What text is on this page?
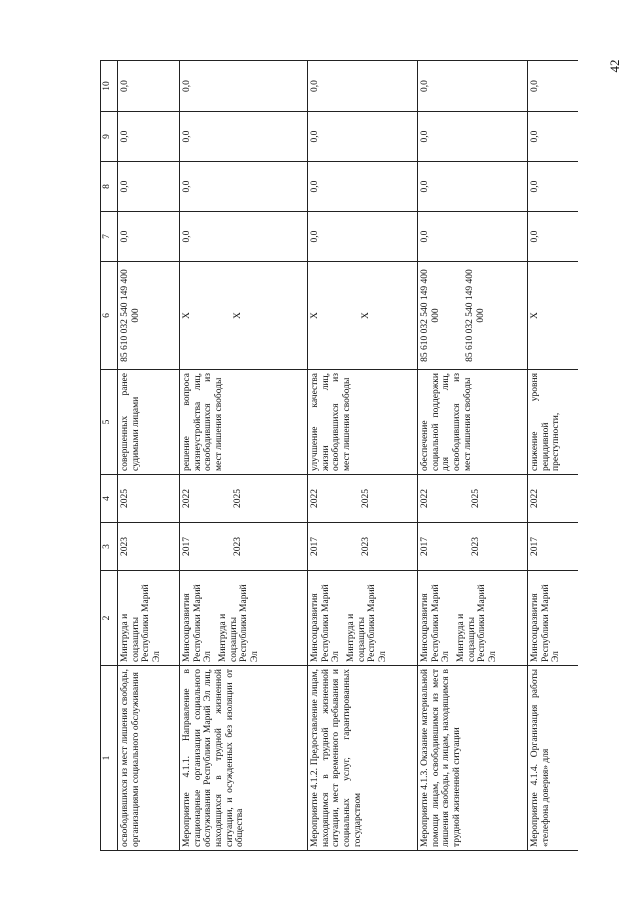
42
1	2	3	4	5	6	7	8	9	10
освободившихся из мест лишения свободы, организациями социального обслуживания	Минтруда и соцзащиты Республики Марий Эл	2023	2025	совершенных ранее судимыми лицами	85 610 032 540 149 400 000	0,0	0,0	0,0	0,0
Мероприятие 4.1.1. Направление в стационарные организации социального обслуживания Республики Марий Эл лиц, находящихся в трудной жизненной ситуации, и осужденных без изоляции от общества	Минсоцразвития Республики Марий Эл Минтруда и соцзащиты Республики Марий Эл	2017 2023	2022 2025	решение вопроса жизнеустройства лиц, освободившихся из мест лишения свободы	X X	0,0	0,0	0,0	0,0
Мероприятие 4.1.2. Предоставление лицам, находящимся в трудной жизненной ситуации, мест временного пребывания и социальных услуг, гарантированных государством	Минсоцразвития Республики Марий Эл Минтруда и соцзащиты Республики Марий Эл	2017 2023	2022 2025	улучшение качества жизни лиц, освободившихся из мест лишения свободы	X X	0,0	0,0	0,0	0,0
Мероприятие 4.1.3. Оказание материальной помощи лицам, освободившимся из мест лишения свободы, и лицам, находящимся в трудной жизненной ситуации	Минсоцразвития Республики Марий Эл Минтруда и соцзащиты Республики Марий Эл	2017 2023	2022 2025	обеспечение социальной поддержки для лиц, освободившихся из мест лишения свободы	85 610 032 540 149 400 000 85 610 032 540 149 400 000	0,0	0,0	0,0	0,0
Мероприятие 4.1.4. Организация работы «телефона доверия» для	Минсоцразвития Республики Марий Эл	2017	2022	снижение уровня рецидивной преступности,	X	0,0	0,0	0,0	0,0
